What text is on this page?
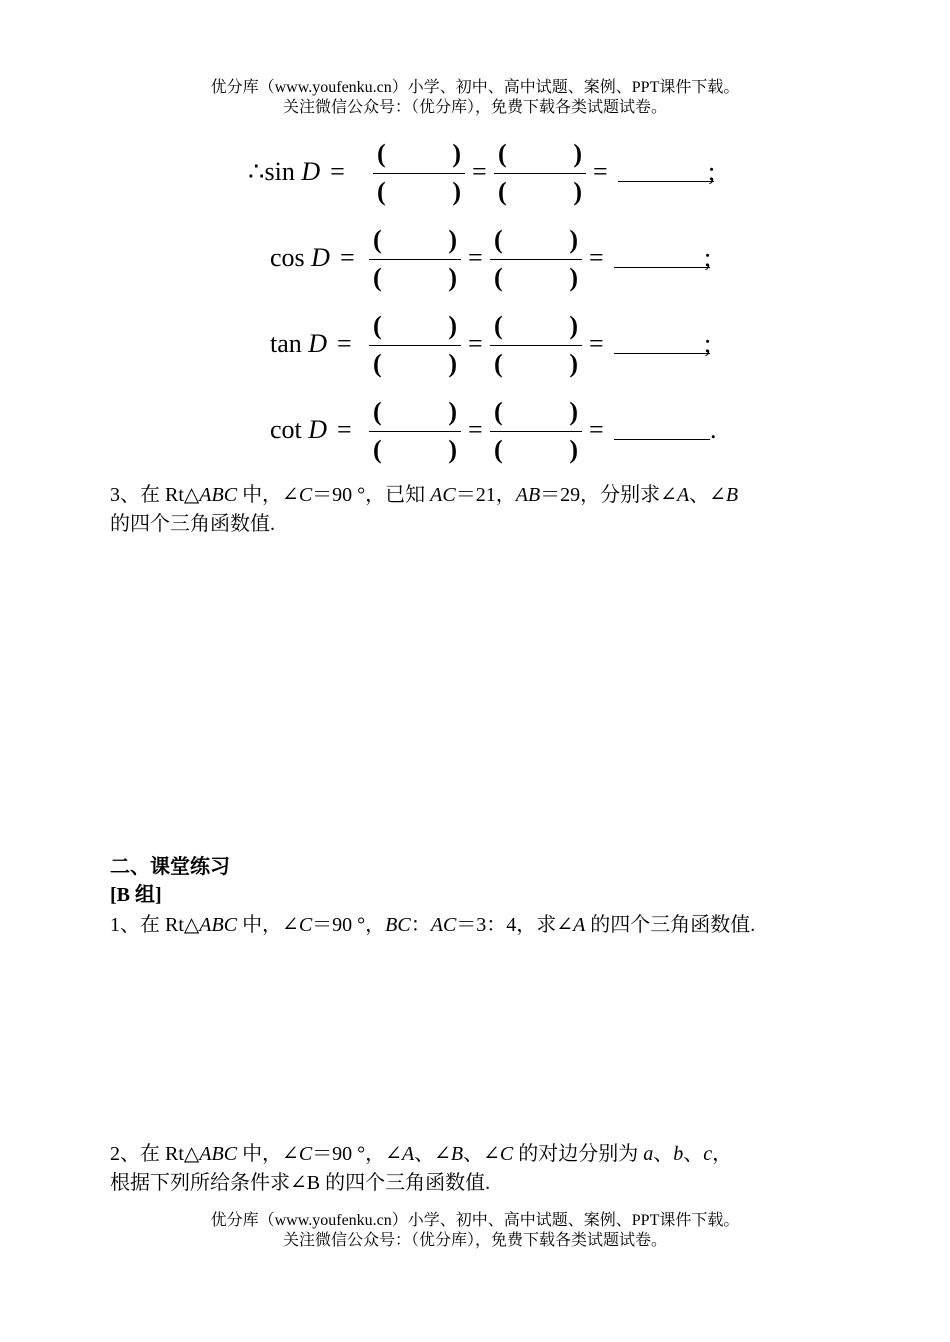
优分库（www.youfenku.cn）小学、初中、高中试题、案例、PPT课件下载。
关注微信公众号：（优分库），免费下载各类试题试卷。
∴sin D =
(	)
(	)
(	)
(	)
=	=	;
cos D =
(	)
(	)
(	)
(	)
=	=	;
tan D =
(	)
(	)
(	)
(	)
=	=	;
cot D =
(	)
(	)
(	)
(	)
=	=	.
3、在 Rt△ABC 中，∠C＝90 °，已知 AC＝21，AB＝29，分别求∠A、∠B
的四个三角函数值.
二、课堂练习
[B 组]
1、在 Rt△ABC 中，∠C＝90 °，BC：AC＝3：4，求∠A 的四个三角函数值.
2、在 Rt△ABC 中，∠C＝90 °，∠A、∠B、∠C 的对边分别为 a、b、c，
根据下列所给条件求∠B 的四个三角函数值.
优分库（www.youfenku.cn）小学、初中、高中试题、案例、PPT课件下载。
关注微信公众号：（优分库），免费下载各类试题试卷。
